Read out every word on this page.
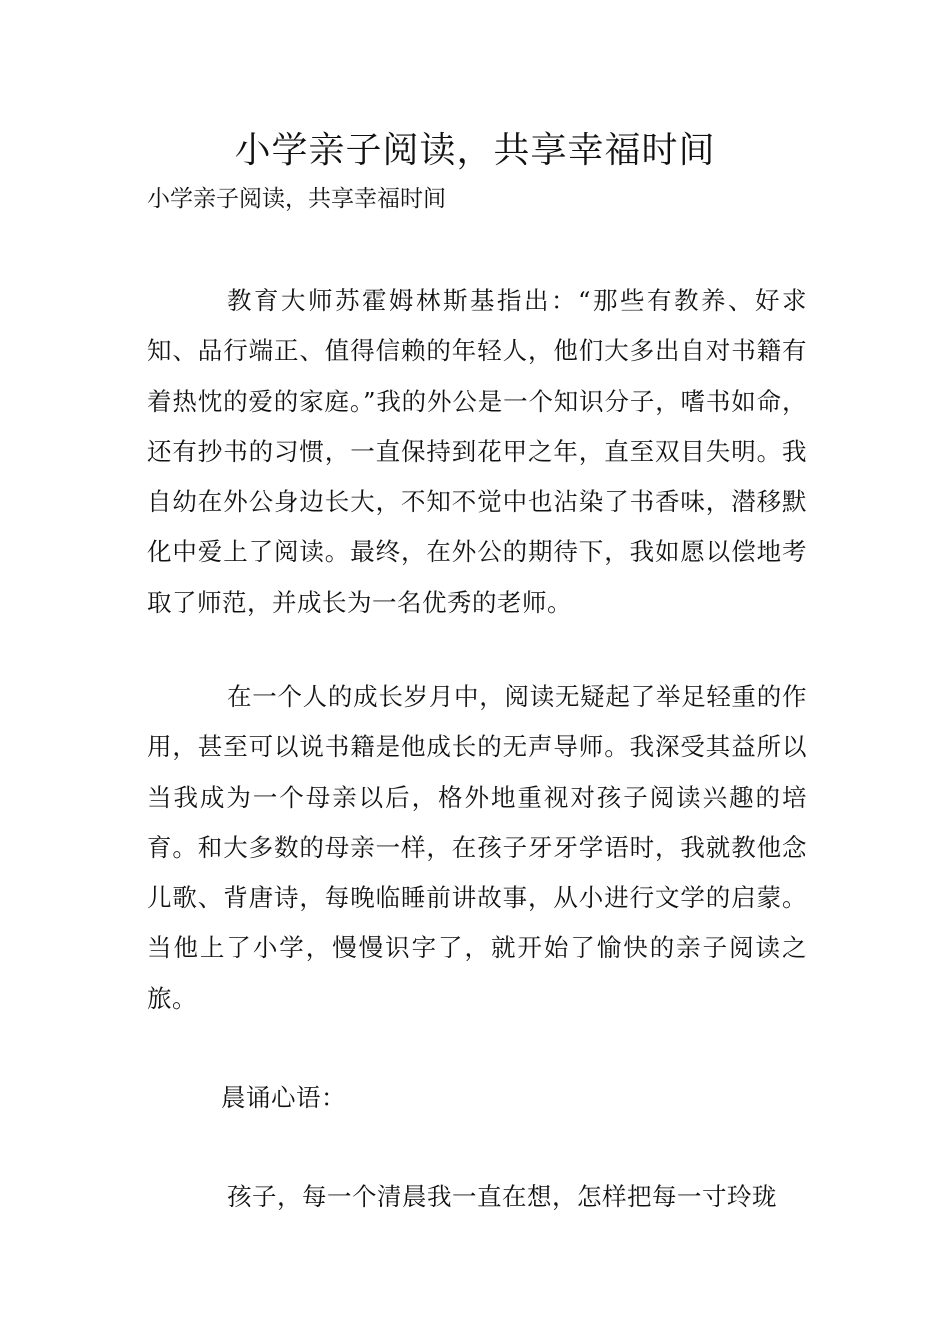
小学亲子阅读，共享幸福时间

小学亲子阅读，共享幸福时间

教育大师苏霍姆林斯基指出：“那些有教养、好求知、品行端正、值得信赖的年轻人，他们大多出自对书籍有着热忱的爱的家庭。”我的外公是一个知识分子，嗜书如命，还有抄书的习惯，一直保持到花甲之年，直至双目失明。我自幼在外公身边长大，不知不觉中也沾染了书香味，潜移默化中爱上了阅读。最终，在外公的期待下，我如愿以偿地考取了师范，并成长为一名优秀的老师。

在一个人的成长岁月中，阅读无疑起了举足轻重的作用，甚至可以说书籍是他成长的无声导师。我深受其益所以当我成为一个母亲以后，格外地重视对孩子阅读兴趣的培育。和大多数的母亲一样，在孩子牙牙学语时，我就教他念儿歌、背唐诗，每晚临睡前讲故事，从小进行文学的启蒙。当他上了小学，慢慢识字了，就开始了愉快的亲子阅读之旅。

晨诵心语：

孩子，每一个清晨我一直在想，怎样把每一寸玲珑
